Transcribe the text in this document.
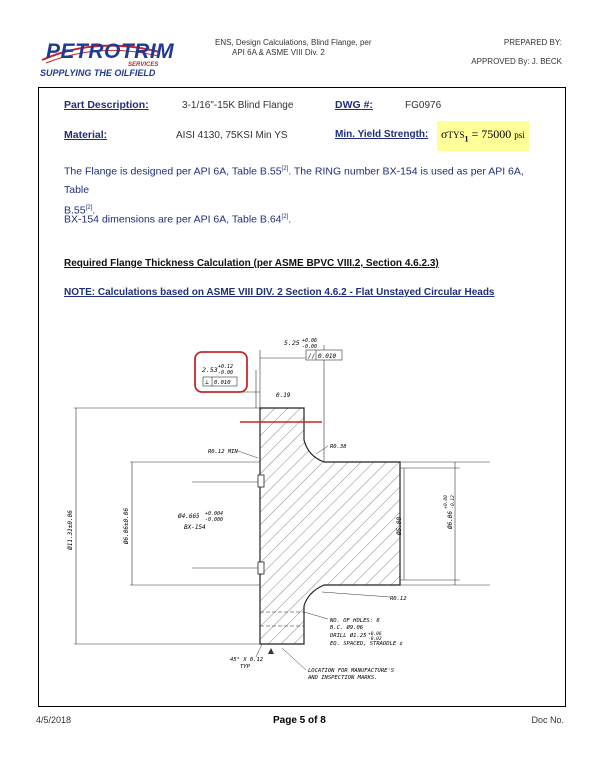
PETROTRIM
SERVICES
SUPPLYING THE OILFIELD
ENS, Design Calculations, Blind Flange, per
API 6A & ASME VIII Div. 2
PREPARED BY:
APPROVED By: J. BECK
Part Description:	3-1/16"-15K Blind Flange	DWG #:	FG0976
Material:	AISI 4130, 75KSI Min YS	Min. Yield Strength:	σTYS$_1$ = 75000 psi
The Flange is designed per API 6A, Table B.55[2]. The RING number BX-154 is used as per API 6A, Table
B.55[2].
BX-154 dimensions are per API 6A, Table B.64[2].
Required Flange Thickness Calculation (per ASME BPVC VIII.2, Section 4.6.2.3)
NOTE: Calculations based on ASME VIII DIV. 2 Section 4.6.2 - Flat Unstayed Circular Heads
// 0.010
2.53 +0.12
-0.00
⊥ 0.010
5.25 +0.06
-0.00
0.19
R0.12 MIN
R0.38
Ø11.31±0.06	Ø6.06±0.06	Ø5.00	Ø6.06
+0.00 -0.12
Ø4.665 +0.004
-0.000
BX-154
R0.12
NO. OF HOLES: 8
B.C. Ø9.06
DRILL Ø1.25 +0.06
-0.02
EQ. SPACED, STRADDLE ¢
45° X 0.12
TYP
LOCATION FOR MANUFACTURE'S
AND INSPECTION MARKS.
4/5/2018	Page 5 of 8	Doc No.
